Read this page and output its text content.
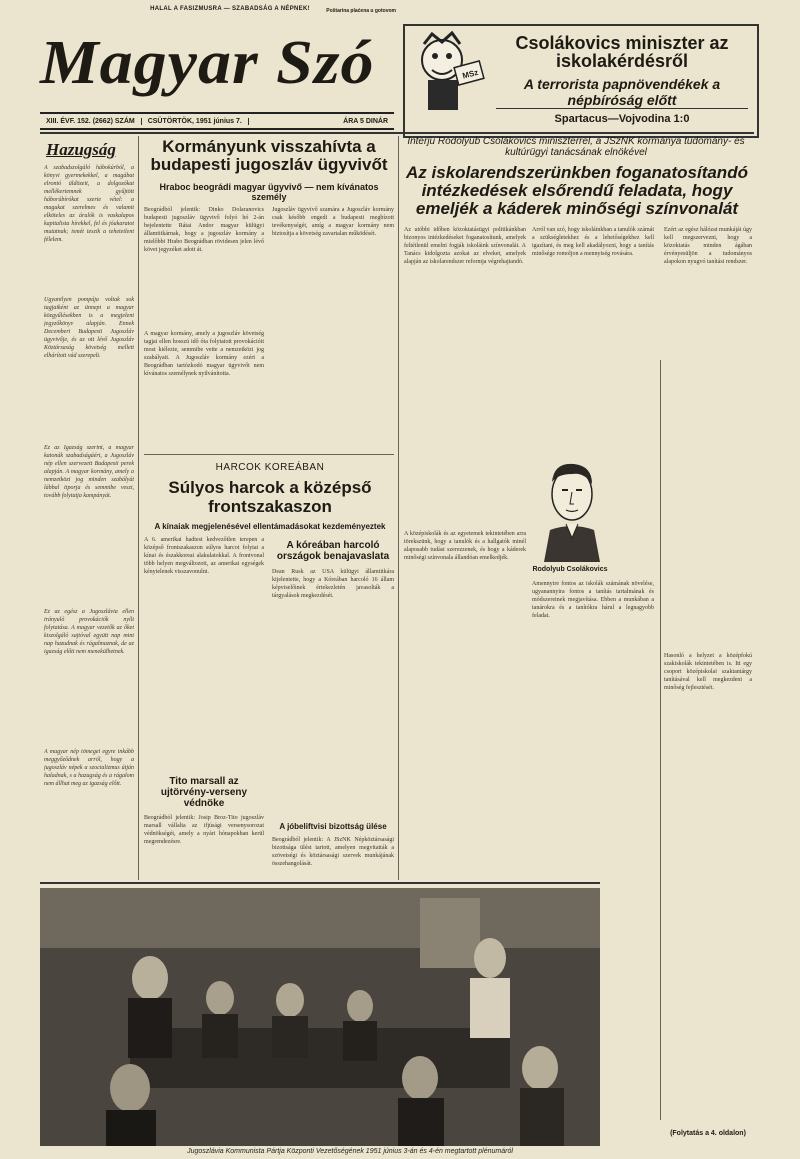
HALAL A FASIZMUSRA — SZABADSÁG A NÉPNEK!	Poštarina plaćena u gotovom
Magyar Szó
XIII. ÉVF. 152. (2662) SZÁM	CSÜTÖRTÖK, 1951 június 7.	ÁRA 5 DINÁR
MSz
Csolákovics miniszter az iskolakérdésről
A terrorista papnövendékek a népbíróság előtt
Spartacus—Vojvodina 1:0
Hazugság
A szabadszolgáló hábokúrból, a könyvi gyermekekkel, a magábat elrontó üldözeit, a dolgozókat mellékertemnek gyűjtött háborúbírókat szerte vétel: a magukat szerelmes és valamit elköteles az árulók is vaskalapos kapitalista hírekkel, fel és jóakaratot mutatnak; ismét teszik a tehetetlent félelem.
Ugyanilyen pompája voltak sok tagjaiként az ünnepi a magyar közgyűlésekben is a megjelent jegyzőkönyv alapján. Ennek Decemberi Budapesti Jugoszláv ügyvivője, és az ott lévő Jugoszláv Köztársaság követség mellett elhárított vád szerepelt.
Ez az Igazság szerint, a magyar katonák szabadságáért, a Jugoszláv nép ellen szervezett Budapesti perek alapján. A magyar kormány, amely a nemzetközi jog minden szabályát lábbal tiporja és semmibe veszi, tovább folytatja kampányát.
Ez az egész a Jugoszlávia ellen irányuló provokációk nyílt folytatása. A magyar vezetők az őket kiszolgáló sajtóval együtt nap mint nap hazudnak és rágalmaznak, de az igazság előtt nem menekülhetnek.
A magyar nép tömegei egyre inkább meggyőződnek arról, hogy a jugoszláv népek a szocializmus útján haladnak, s a hazugság és a rágalom nem állhat meg az igazság előtt.
Kormányunk visszahívta a budapesti jugoszláv ügyvivőt
Hraboc beográdi magyar ügyvivő — nem kívánatos személy
Beográdból jelentik: Dinko Dolaranovics budapesti jugoszláv ügyvivő folyó hó 2-án bejelentette Rátai Andor magyar külügyi államtitkárnak, hogy a jugoszláv kormány a mielőbbi Hrabo Beográdban rövidesen jelen lévő követ jegyzéket adott át.
A magyar kormány, amely a jugoszláv követség tagjai ellen hosszú idő óta folytatott provokációit most kiélezte, semmibe vette a nemzetközi jog szabályait. A Jugoszláv kormány ezért a Beográdban tartózkodó magyar ügyvivőt nem kívánatos személynek nyilvánította.
Jugoszláv ügyvivő szamára a Jugoszláv kormány csak később engedi a budapesti megbízott tevékenységét, amíg a magyar kormány nem biztosítja a követség zavartalan működését.
HARCOK KOREÁBAN
Súlyos harcok a középső frontszakaszon
A kínaiak megjelenésével ellentámadásokat kezdeményeztek
A 6. amerikai hadtest kedvezőtlen terepen a középső frontszakaszon súlyos harcot folytat a kínai és északkoreai alakulatokkal. A frontvonal több helyen megváltozott, az amerikai egységek kénytelenek visszavonulni.
A kóreában harcoló országok benajavaslata
Dean Rusk az USA külügyi államtitkára kijelentette, hogy a Kóreában harcoló 16 állam képviselőinek értekezletén javasolták a tárgyalások megkezdését.
Tito marsall az ujtörvény-verseny védnöke
Beográdból jelentik: Josip Broz-Tito jugoszláv marsall vállalta az ifjúsági versenysorozat védnökségét, amely a nyári hónapokban kerül megrendezésre.
A jóbeliftvisi bizottság ülése
Beográdból jelentik: A JSzNK Népköztársasági bizottsága ülést tartott, amelyen megvitatták a szövetségi és köztársasági szervek munkájának összehangolását.
Interju Rodolyub Csolákovics miniszterrel, a JSzNK kormánya tudomány- és kultúrügyi tanácsának elnökével
Az iskolarendszerünkben foganatosítandó intézkedések elsőrendű feladata, hogy emeljék a káderek minőségi színvonalát
Az utóbbi időben közoktatásügyi politikánkban bizonyos intézkedéseket foganatosítunk, amelyek feltétlenül emelni fogják iskoláink színvonalát. A Tanács kidolgozta azokat az elveket, amelyek alapján az iskolarendszer reformja végrehajtandó.
A középiskolák és az egyetemek tekintetében arra törekszünk, hogy a tanulók és a hallgatók minél alaposabb tudást szerezzenek, és hogy a káderek minőségi színvonala állandóan emelkedjék.
Arról van szó, hogy iskoláinkban a tanulók számát a szükségletekhez és a lehetőségekhez kell igazítani, és meg kell akadályozni, hogy a tanítás minősége romoljon a mennyiség rovására.
Rodolyub Csolákovics
Amennyire fontos az iskolák számának növelése, ugyanannyira fontos a tanítás tartalmának és módszereinek megjavítása. Ebben a munkában a tanárokra és a tanítókra hárul a legnagyobb feladat.
Ezért az egész hálózat munkáját úgy kell megszervezni, hogy a közoktatás minden ágában érvényesüljön a tudományos alapokon nyugvó tanítási rendszer.
Hasonló a helyzet a középfokú szakiskolák tekintetében is. Itt egy csoport középiskolai szaktantárgy tanításával kell megkezdeni a minőség fejlesztését.
(Folytatás a 4. oldalon)
Jugoszlávia Kommunista Pártja Központi Vezetőségének 1951 június 3-án és 4-én megtartott plénumáról
